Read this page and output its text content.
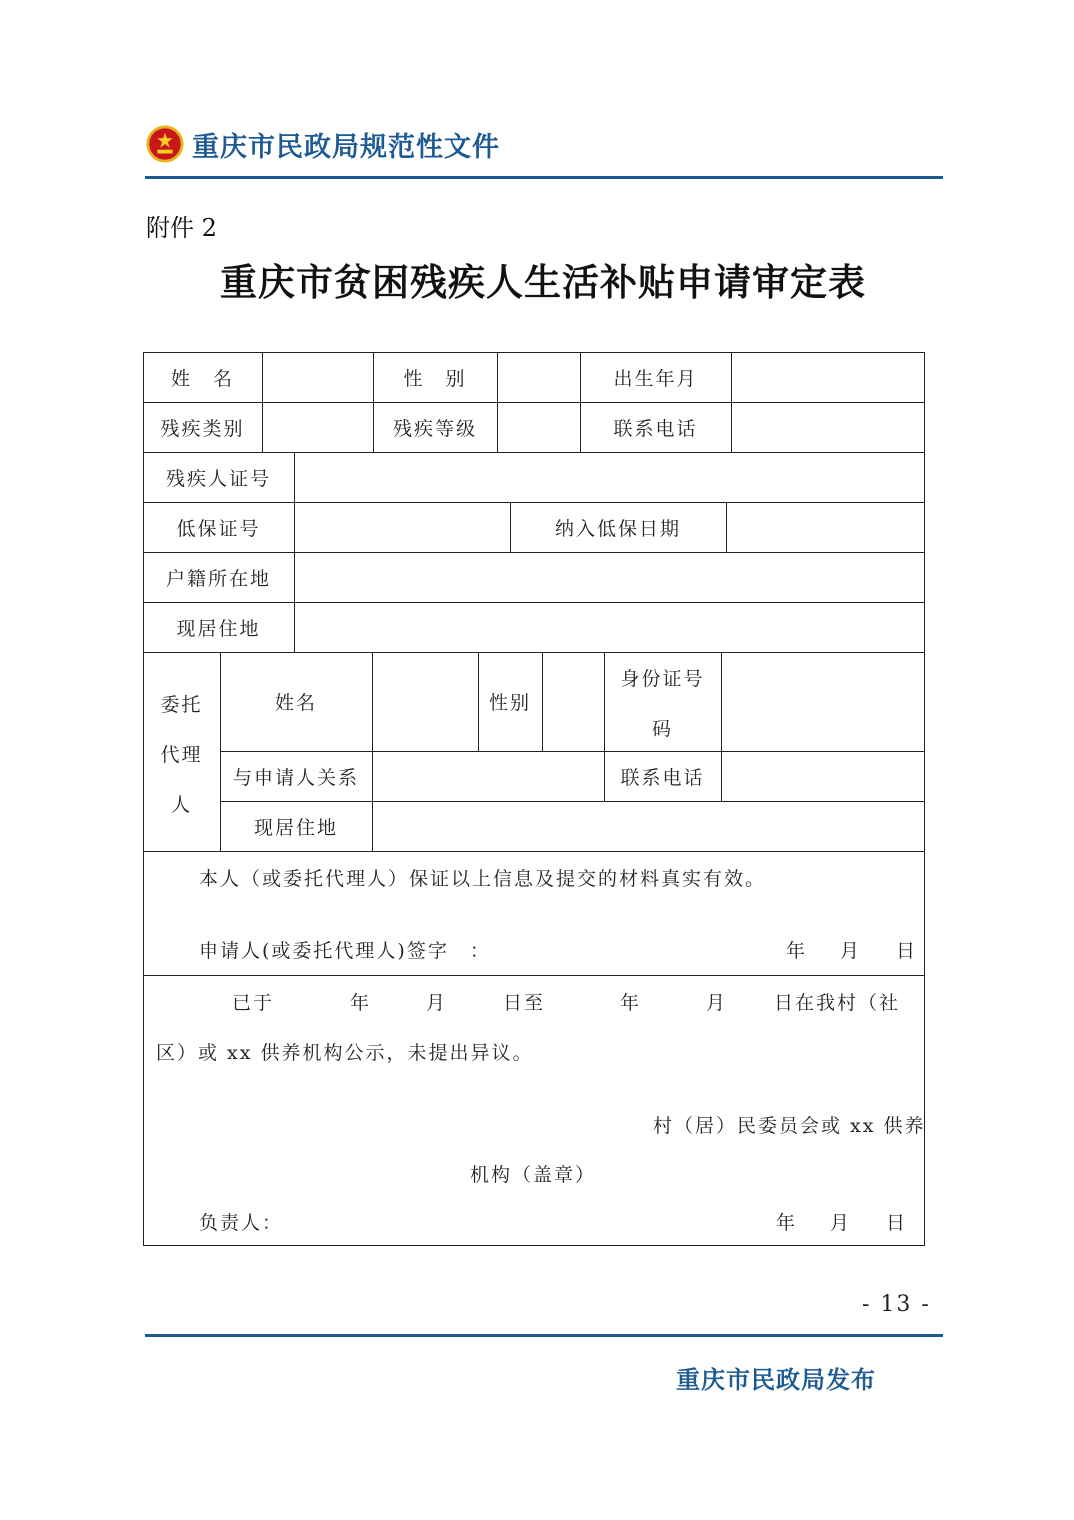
重庆市民政局规范性文件
附件 2
重庆市贫困残疾人生活补贴申请审定表
姓　名	性　别	出生年月
残疾类别	残疾等级	联系电话
残疾人证号
低保证号	纳入低保日期
户籍所在地
现居住地
委托
代理
人
姓名	性别
身份证号
码
与申请人关系	联系电话
现居住地
本人（或委托代理人）保证以上信息及提交的材料真实有效。
申请人(或委托代理人)签字　：	年 月 日
已于	年	月	日至	年	月 日在我村（社
区）或 xx 供养机构公示，未提出异议。
村（居）民委员会或 xx 供养
机构（盖章）
负责人：	年 月 日
- 13 -
重庆市民政局发布
